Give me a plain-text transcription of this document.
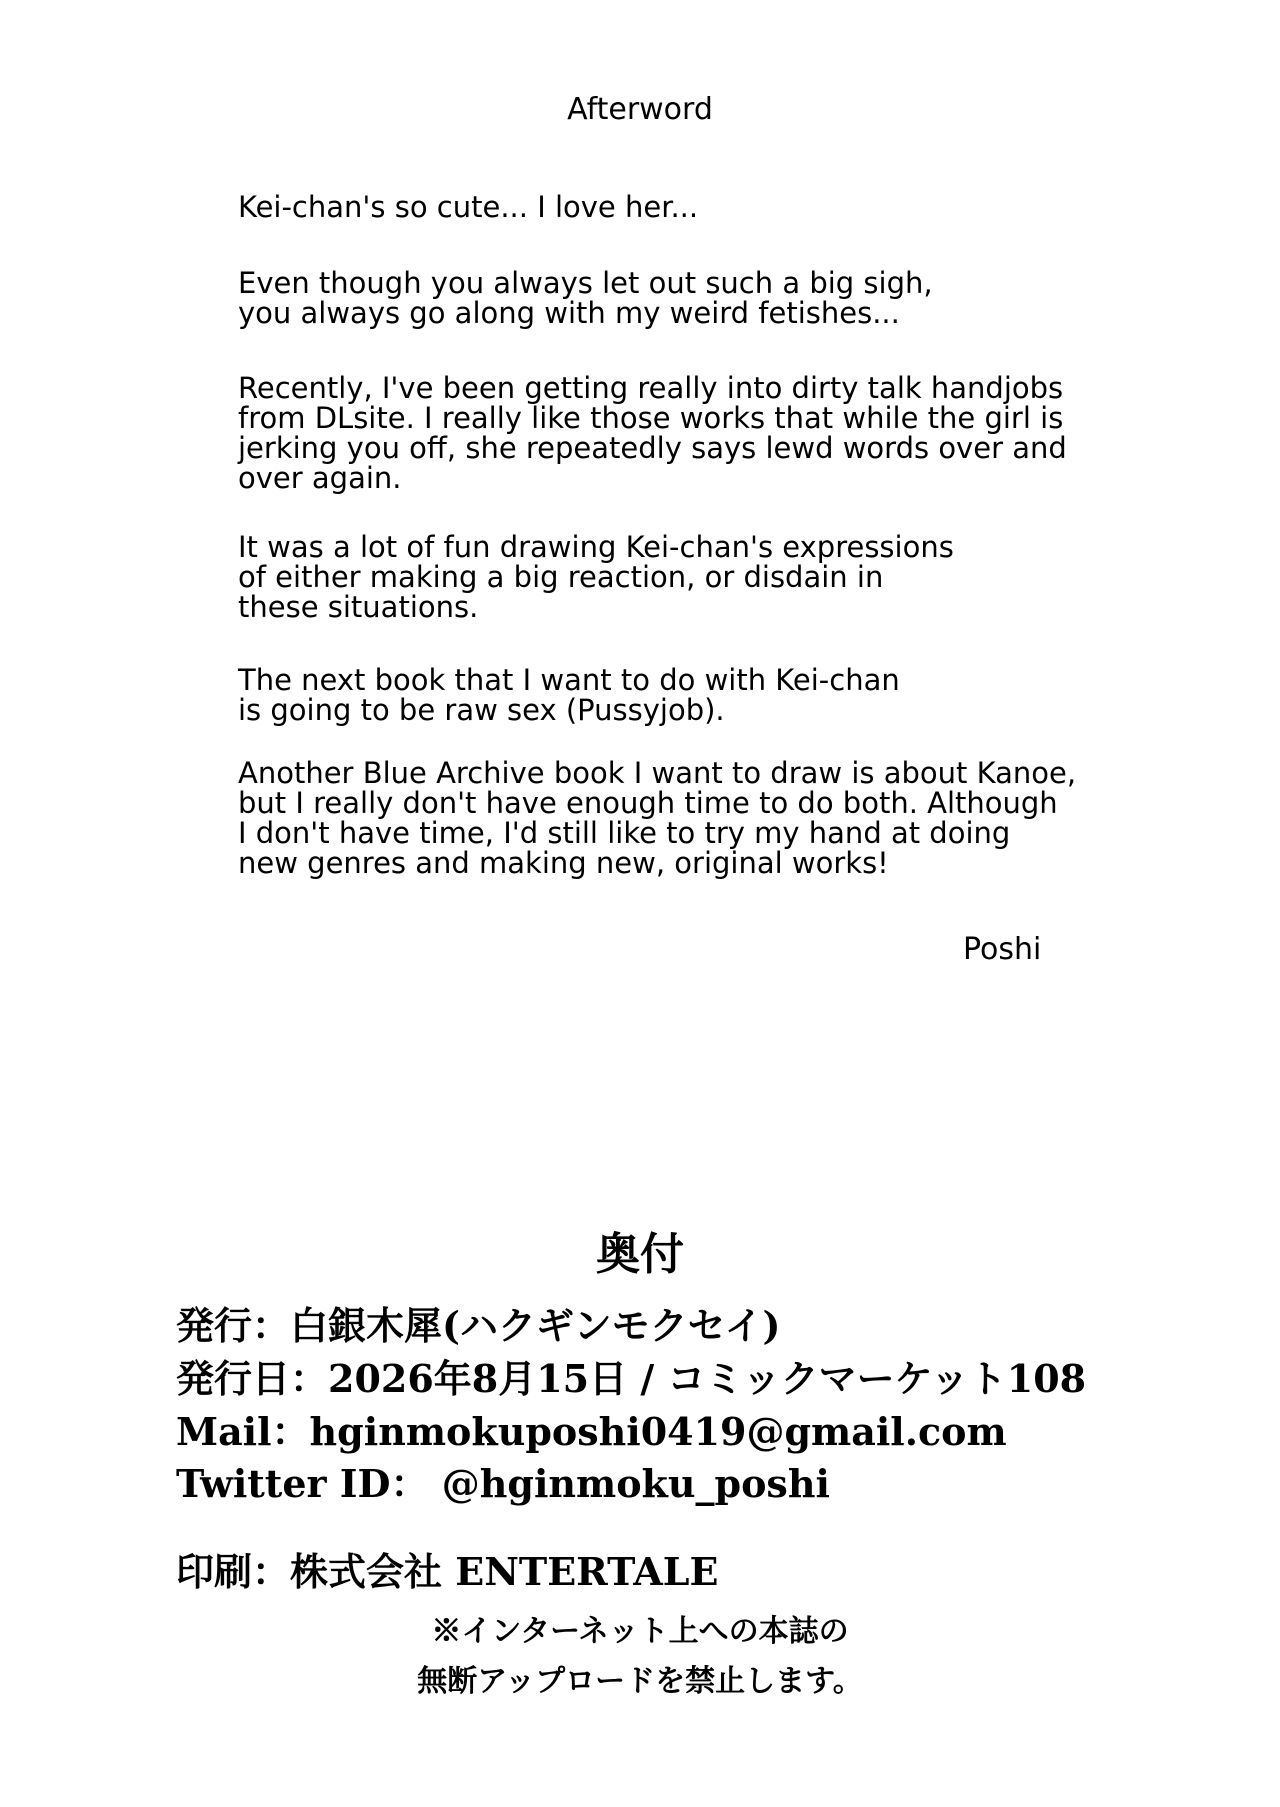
Afterword

Kei-chan's so cute... I love her...

Even though you always let out such a big sigh,
you always go along with my weird fetishes...

Recently, I've been getting really into dirty talk handjobs
from DLsite. I really like those works that while the girl is
jerking you off, she repeatedly says lewd words over and
over again.

It was a lot of fun drawing Kei-chan's expressions
of either making a big reaction, or disdain in
these situations.

The next book that I want to do with Kei-chan
is going to be raw sex (Pussyjob).

Another Blue Archive book I want to draw is about Kanoe,
but I really don't have enough time to do both. Although
I don't have time, I'd still like to try my hand at doing
new genres and making new, original works!

Poshi
奥付
発行：白銀木犀(ハクギンモクセイ)
発行日：2026年8月15日 / コミックマーケット108
Mail：hginmokuposhi0419@gmail.com
Twitter ID： @hginmoku_poshi
印刷：株式会社 ENTERTALE
※インターネット上への本誌の
無断アップロードを禁止します。
